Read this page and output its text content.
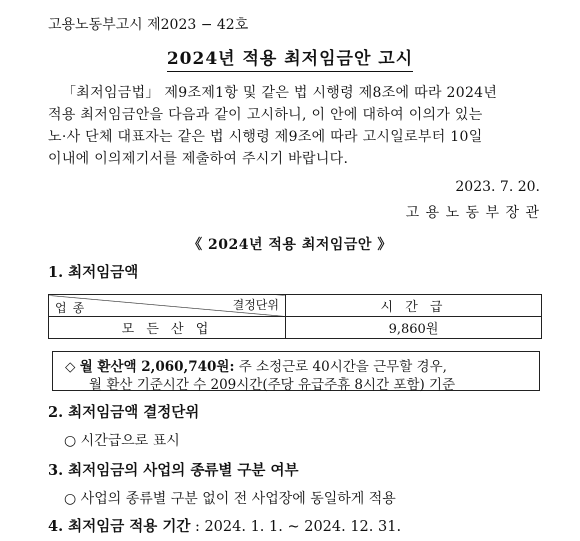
고용노동부고시 제2023 − 42호
2024년 적용 최저임금안 고시
「최저임금법」 제9조제1항 및 같은 법 시행령 제8조에 따라 2024년
적용 최저임금안을 다음과 같이 고시하니, 이 안에 대하여 이의가 있는
노·사 단체 대표자는 같은 법 시행령 제9조에 따라 고시일로부터 10일
이내에 이의제기서를 제출하여 주시기 바랍니다.
2023. 7. 20.
고 용 노 동 부 장 관
《 2024년 적용 최저임금안 》
1. 최저임금액
결정단위
업종	시 간 급
모 든 산 업	9,860원
◇ 월 환산액 2,060,740원: 주 소정근로 40시간을 근무할 경우,
월 환산 기준시간 수 209시간(주당 유급주휴 8시간 포함) 기준
2. 최저임금액 결정단위
○ 시간급으로 표시
3. 최저임금의 사업의 종류별 구분 여부
○ 사업의 종류별 구분 없이 전 사업장에 동일하게 적용
4. 최저임금 적용 기간 : 2024. 1. 1. ~ 2024. 12. 31.
